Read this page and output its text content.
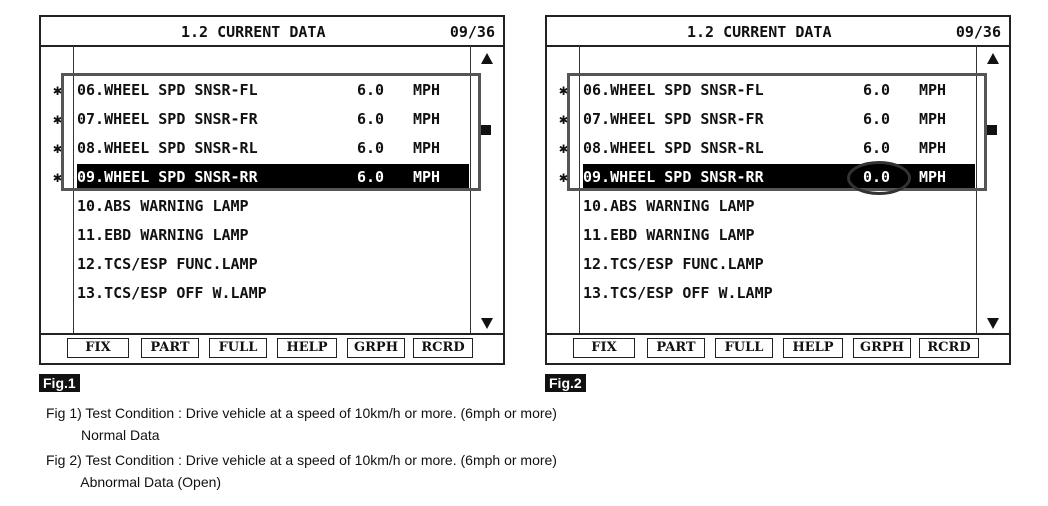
1.2 CURRENT DATA	09/36
✱ 06.WHEEL SPD SNSR-FL	6.0 MPH
✱ 07.WHEEL SPD SNSR-FR	6.0 MPH
✱ 08.WHEEL SPD SNSR-RL	6.0 MPH
✱ 09.WHEEL SPD SNSR-RR	6.0 MPH
10.ABS WARNING LAMP
11.EBD WARNING LAMP
12.TCS/ESP FUNC.LAMP
13.TCS/ESP OFF W.LAMP
FIX	PART	FULL	HELP	GRPH	RCRD
1.2 CURRENT DATA	09/36
✱ 06.WHEEL SPD SNSR-FL	6.0 MPH
✱ 07.WHEEL SPD SNSR-FR	6.0 MPH
✱ 08.WHEEL SPD SNSR-RL	6.0 MPH
✱ 09.WHEEL SPD SNSR-RR	0.0 MPH
10.ABS WARNING LAMP
11.EBD WARNING LAMP
12.TCS/ESP FUNC.LAMP
13.TCS/ESP OFF W.LAMP
FIX	PART	FULL	HELP	GRPH	RCRD
Fig.1	Fig.2
Fig 1) Test Condition : Drive vehicle at a speed of 10km/h or more. (6mph or more)
Normal Data
Fig 2) Test Condition : Drive vehicle at a speed of 10km/h or more. (6mph or more)
Abnormal Data (Open)
